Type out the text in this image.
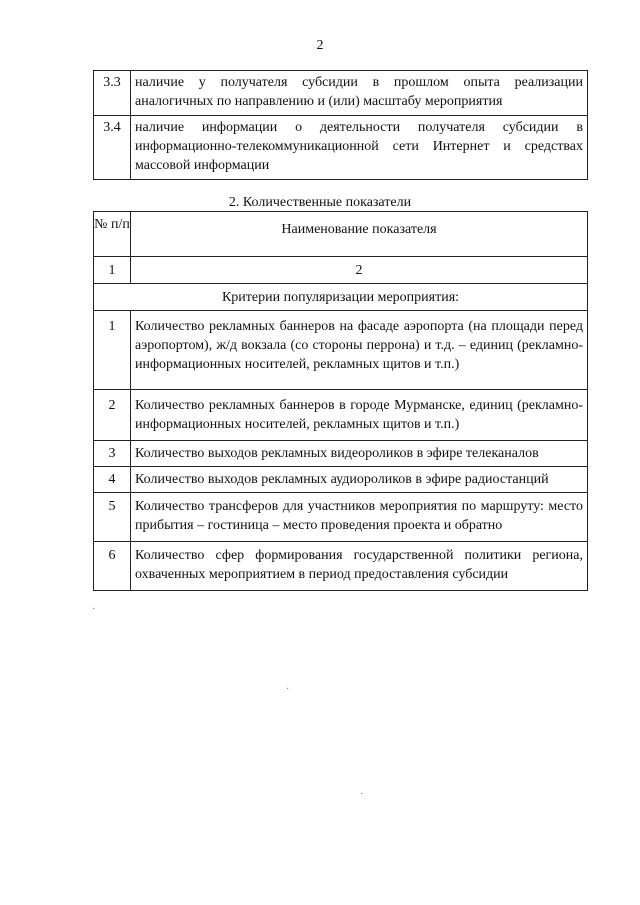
2
3.3	наличие у получателя субсидии в прошлом опыта реализации аналогичных по направлению и (или) масштабу мероприятия
3.4	наличие информации о деятельности получателя субсидии в информационно-телекоммуникационной сети Интернет и средствах массовой информации
2. Количественные показатели
№ п/п	Наименование показателя
1	2
Критерии популяризации мероприятия:	
1	Количество рекламных баннеров на фасаде аэропорта (на площади перед аэропортом), ж/д вокзала (со стороны перрона) и т.д. – единиц (рекламно-информационных носителей, рекламных щитов и т.п.)
2	Количество рекламных баннеров в городе Мурманске, единиц (рекламно-информационных носителей, рекламных щитов и т.п.)
3	Количество выходов рекламных видеороликов в эфире телеканалов
4	Количество выходов рекламных аудиороликов в эфире радиостанций
5	Количество трансферов для участников мероприятия по маршруту: место прибытия – гостиница – место проведения проекта и обратно
6	Количество сфер формирования государственной политики региона, охваченных мероприятием в период предоставления субсидии
·
·
·
